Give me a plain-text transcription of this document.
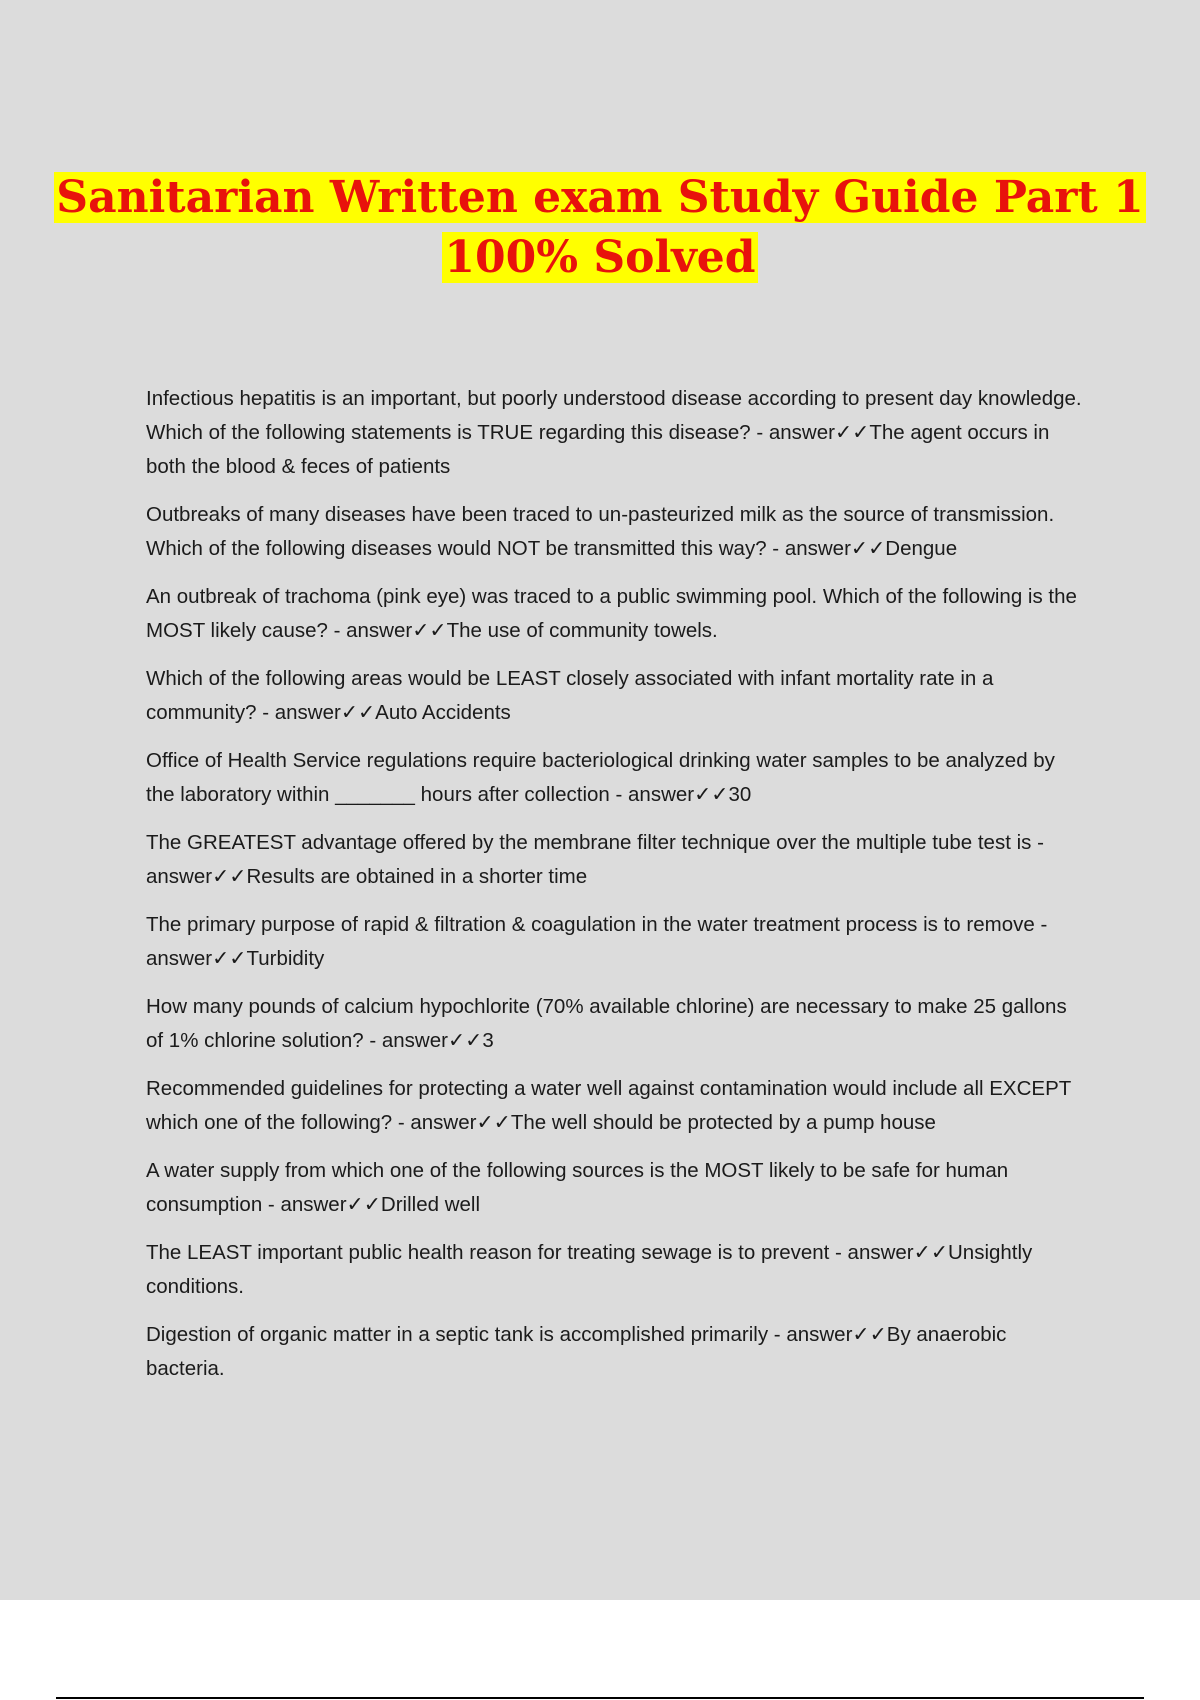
Sanitarian Written exam Study Guide Part 1
100% Solved

Infectious hepatitis is an important, but poorly understood disease according to present day knowledge. Which of the following statements is TRUE regarding this disease? - answer✓✓The agent occurs in both the blood & feces of patients

Outbreaks of many diseases have been traced to un-pasteurized milk as the source of transmission. Which of the following diseases would NOT be transmitted this way? - answer✓✓Dengue

An outbreak of trachoma (pink eye) was traced to a public swimming pool. Which of the following is the MOST likely cause? - answer✓✓The use of community towels.

Which of the following areas would be LEAST closely associated with infant mortality rate in a community? - answer✓✓Auto Accidents

Office of Health Service regulations require bacteriological drinking water samples to be analyzed by the laboratory within _______ hours after collection - answer✓✓30

The GREATEST advantage offered by the membrane filter technique over the multiple tube test is - answer✓✓Results are obtained in a shorter time

The primary purpose of rapid & filtration & coagulation in the water treatment process is to remove - answer✓✓Turbidity

How many pounds of calcium hypochlorite (70% available chlorine) are necessary to make 25 gallons of 1% chlorine solution? - answer✓✓3

Recommended guidelines for protecting a water well against contamination would include all EXCEPT which one of the following? - answer✓✓The well should be protected by a pump house

A water supply from which one of the following sources is the MOST likely to be safe for human consumption - answer✓✓Drilled well

The LEAST important public health reason for treating sewage is to prevent - answer✓✓Unsightly conditions.

Digestion of organic matter in a septic tank is accomplished primarily - answer✓✓By anaerobic bacteria.
